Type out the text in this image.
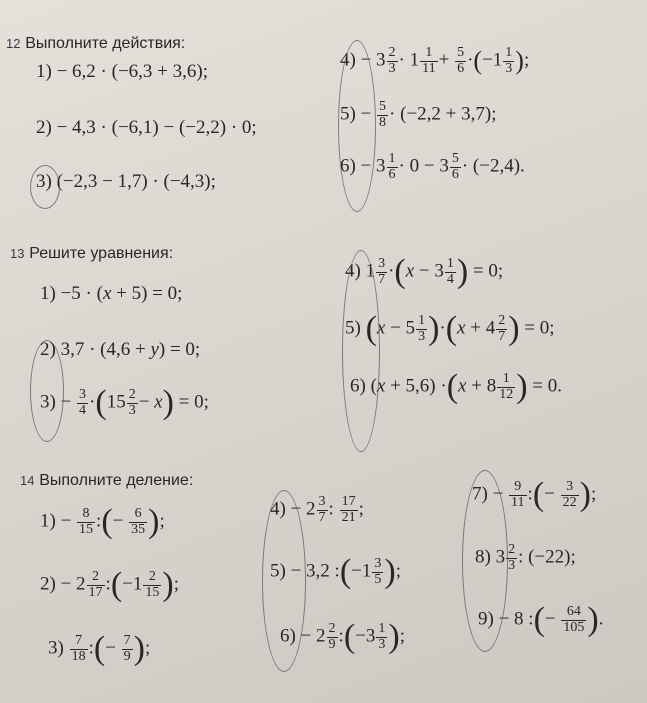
12 Выполните действия:
1) − 6,2 · (−6,3 + 3,6);
2) − 4,3 · (−6,1) − (−2,2) · 0;
3) (−2,3 − 1,7) · (−4,3);
$4) - 3 \frac{2}{3} \cdot 1 \frac{1}{11} + \frac{5}{6} \cdot(-1 \frac{1}{3}$ );
$5) - \frac{5}{8} \cdot (-2,2 + 3,7)$;
$6) - 3 \frac{1}{6} \cdot 0 - 3 \frac{5}{6} \cdot (-2,4)$.
13 Решите уравнения:
1) −5 · (x + 5) = 0;
2) 3,7 · (4,6 + y) = 0;
$3) - \frac{3}{4} \cdot(15 \frac{2}{3} - x) = 0$;
4) $1 \frac{3}{7} \cdot(x - 3 \frac{1}{4}$ ) = 0;
5) $(x - 5 \frac{1}{3} )\cdot(x + 4 \frac{2}{7}$ ) = 0;
6) $(x + 5,6) \cdot(x + 8 \frac{1}{12}$ ) = 0.
14 Выполните деление:
$1) - \frac{8}{15}$ :(− $\frac{6}{35}$ );
$2) - 2 \frac{2}{17}$ :(−1 $\frac{2}{15}$ );
$3) \frac{7}{18}$ :(− $\frac{7}{9}$ );
$4) - 2 \frac{3}{7}$ : $\frac{17}{21}$ ;
5) − 3,2 :(−1 $\frac{3}{5}$ );
$6) - 2 \frac{2}{9}$ :(−3 $\frac{1}{3}$ );
$7) - \frac{9}{11}$ :(− $\frac{3}{22}$ );
8) $3 \frac{2}{3}$ : (−22);
9) − 8 :(− $\frac{64}{105}$ ).
